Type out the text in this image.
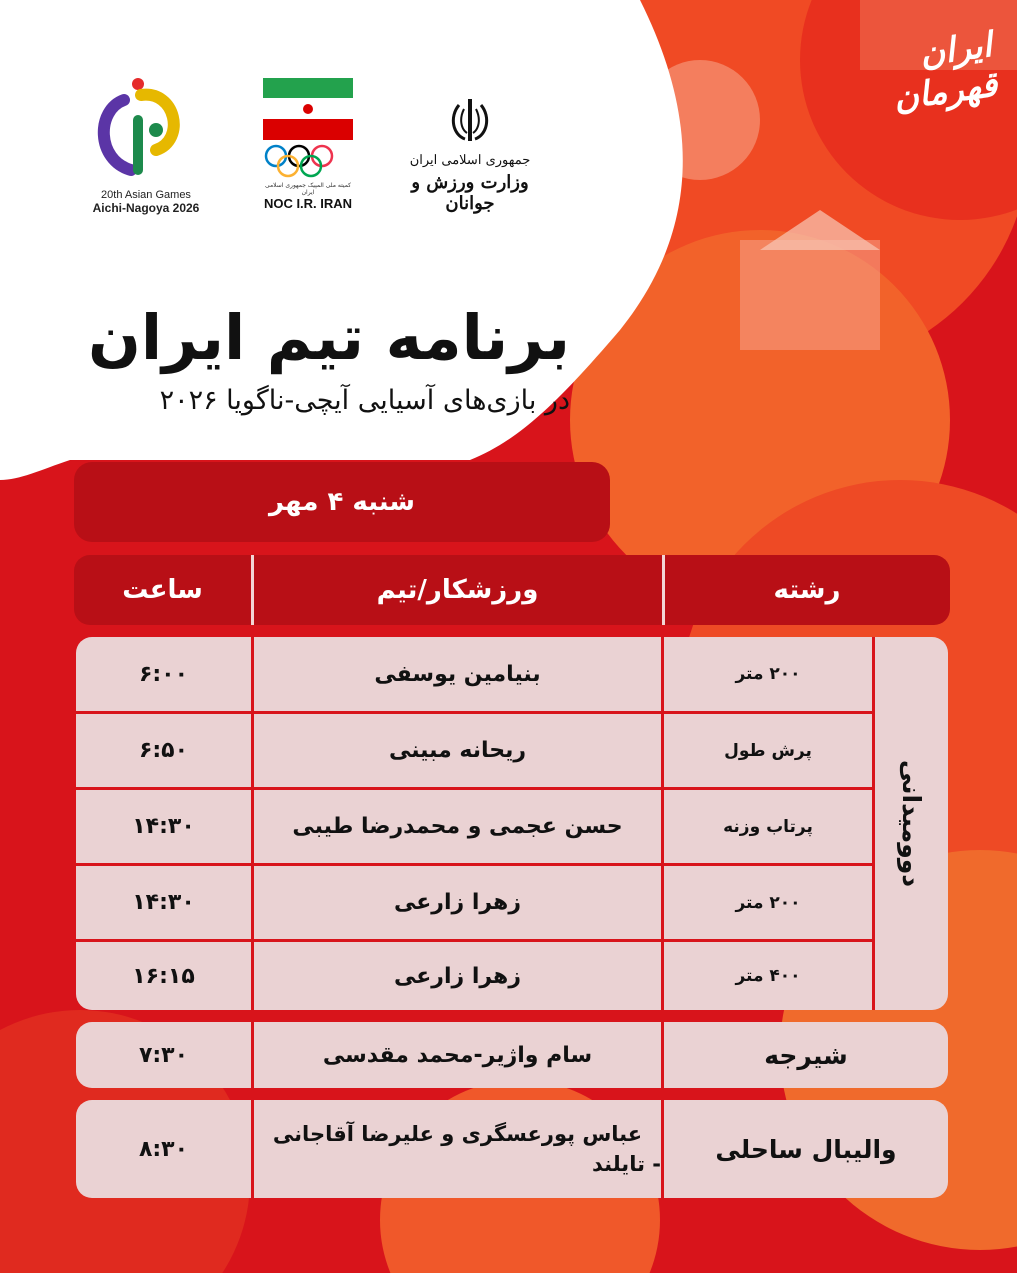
ایران قهرمان
20th Asian Games
Aichi-Nagoya 2026

کمیته ملی المپیک جمهوری اسلامی ایران
NOC I.R. IRAN
جمهوری اسلامی ایران
وزارت ورزش و جوانان
برنامه تیم ایران
در بازی‌های آسیایی آیچی-ناگویا ۲۰۲۶
شنبه ۴ مهر
رشته
ورزشکار/تیم
ساعت
دوومیدانی
۲۰۰ متر
بنیامین یوسفی
۶:۰۰
پرش طول
ریحانه مبینی
۶:۵۰
پرتاب وزنه
حسن عجمی و محمدرضا طیبی
۱۴:۳۰
۲۰۰ متر
زهرا زارعی
۱۴:۳۰
۴۰۰ متر
زهرا زارعی
۱۶:۱۵
شیرجه
سام واژیر-محمد مقدسی
۷:۳۰
والیبال ساحلی
عباس پورعسگری و علیرضا آقاجانی
- تایلند
۸:۳۰
